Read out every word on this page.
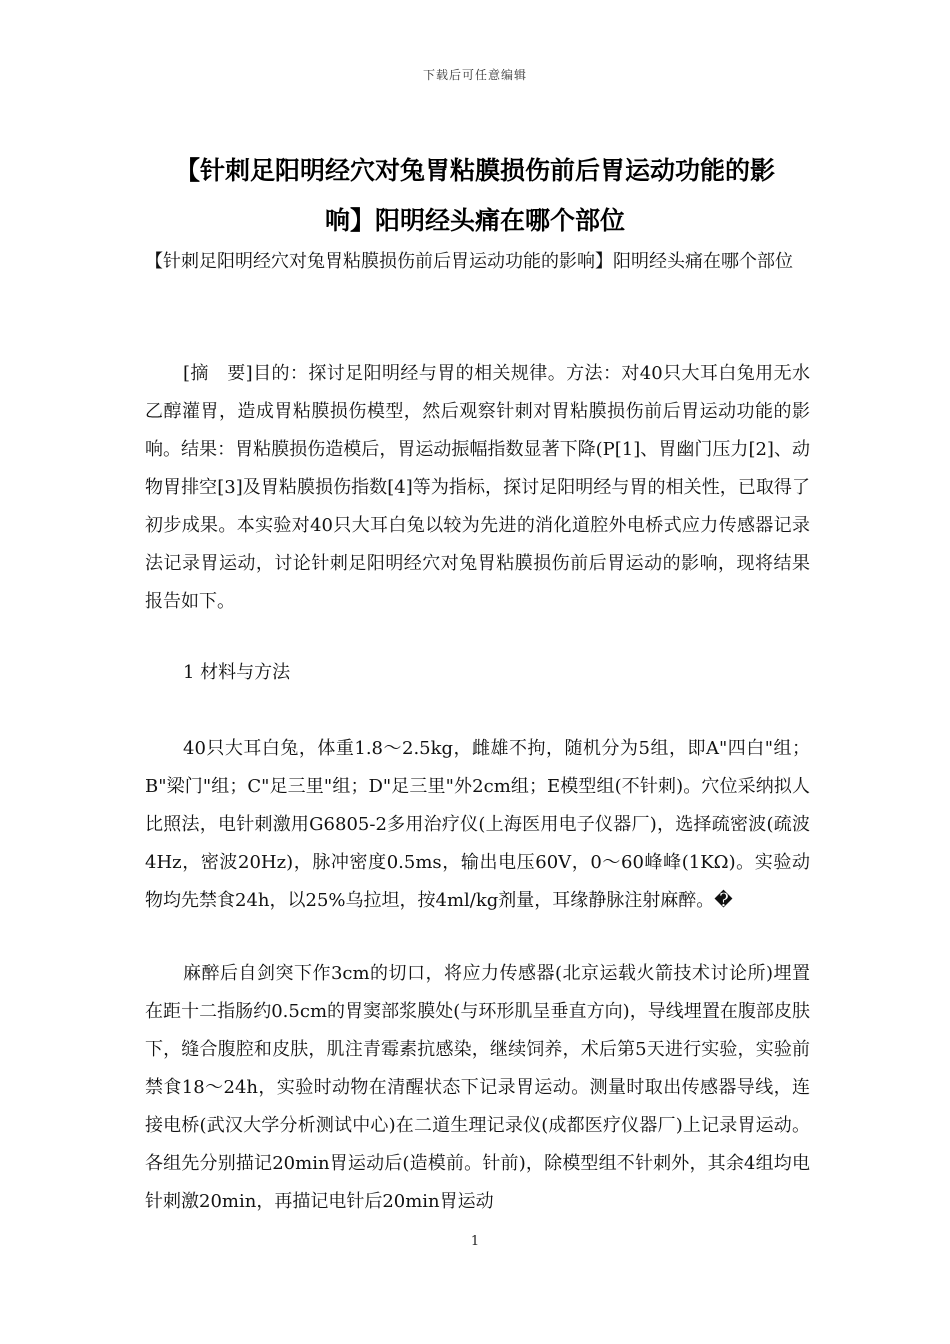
下载后可任意编辑
【针刺足阳明经穴对兔胃粘膜损伤前后胃运动功能的影
响】阳明经头痛在哪个部位
【针刺足阳明经穴对兔胃粘膜损伤前后胃运动功能的影响】阳明经头痛在哪个部位
[摘　要]目的：探讨足阳明经与胃的相关规律。方法：对40只大耳白兔用无水乙醇灌胃，造成胃粘膜损伤模型，然后观察针刺对胃粘膜损伤前后胃运动功能的影响。结果：胃粘膜损伤造模后，胃运动振幅指数显著下降(P[1]、胃幽门压力[2]、动物胃排空[3]及胃粘膜损伤指数[4]等为指标，探讨足阳明经与胃的相关性，已取得了初步成果。本实验对40只大耳白兔以较为先进的消化道腔外电桥式应力传感器记录法记录胃运动，讨论针刺足阳明经穴对兔胃粘膜损伤前后胃运动的影响，现将结果报告如下。
1 材料与方法
40只大耳白兔，体重1.8～2.5kg，雌雄不拘，随机分为5组，即A"四白"组；B"梁门"组；C"足三里"组；D"足三里"外2cm组；E模型组(不针刺)。穴位采纳拟人比照法，电针刺激用G6805-2多用治疗仪(上海医用电子仪器厂)，选择疏密波(疏波4Hz，密波20Hz)，脉冲密度0.5ms，输出电压60V，0～60峰峰(1KΩ)。实验动物均先禁食24h，以25%乌拉坦，按4ml/kg剂量，耳缘静脉注射麻醉。�
麻醉后自剑突下作3cm的切口，将应力传感器(北京运载火箭技术讨论所)埋置在距十二指肠约0.5cm的胃窦部浆膜处(与环形肌呈垂直方向)，导线埋置在腹部皮肤下，缝合腹腔和皮肤，肌注青霉素抗感染，继续饲养，术后第5天进行实验，实验前禁食18～24h，实验时动物在清醒状态下记录胃运动。测量时取出传感器导线，连接电桥(武汉大学分析测试中心)在二道生理记录仪(成都医疗仪器厂)上记录胃运动。各组先分别描记20min胃运动后(造模前。针前)，除模型组不针刺外，其余4组均电针刺激20min，再描记电针后20min胃运动
1
